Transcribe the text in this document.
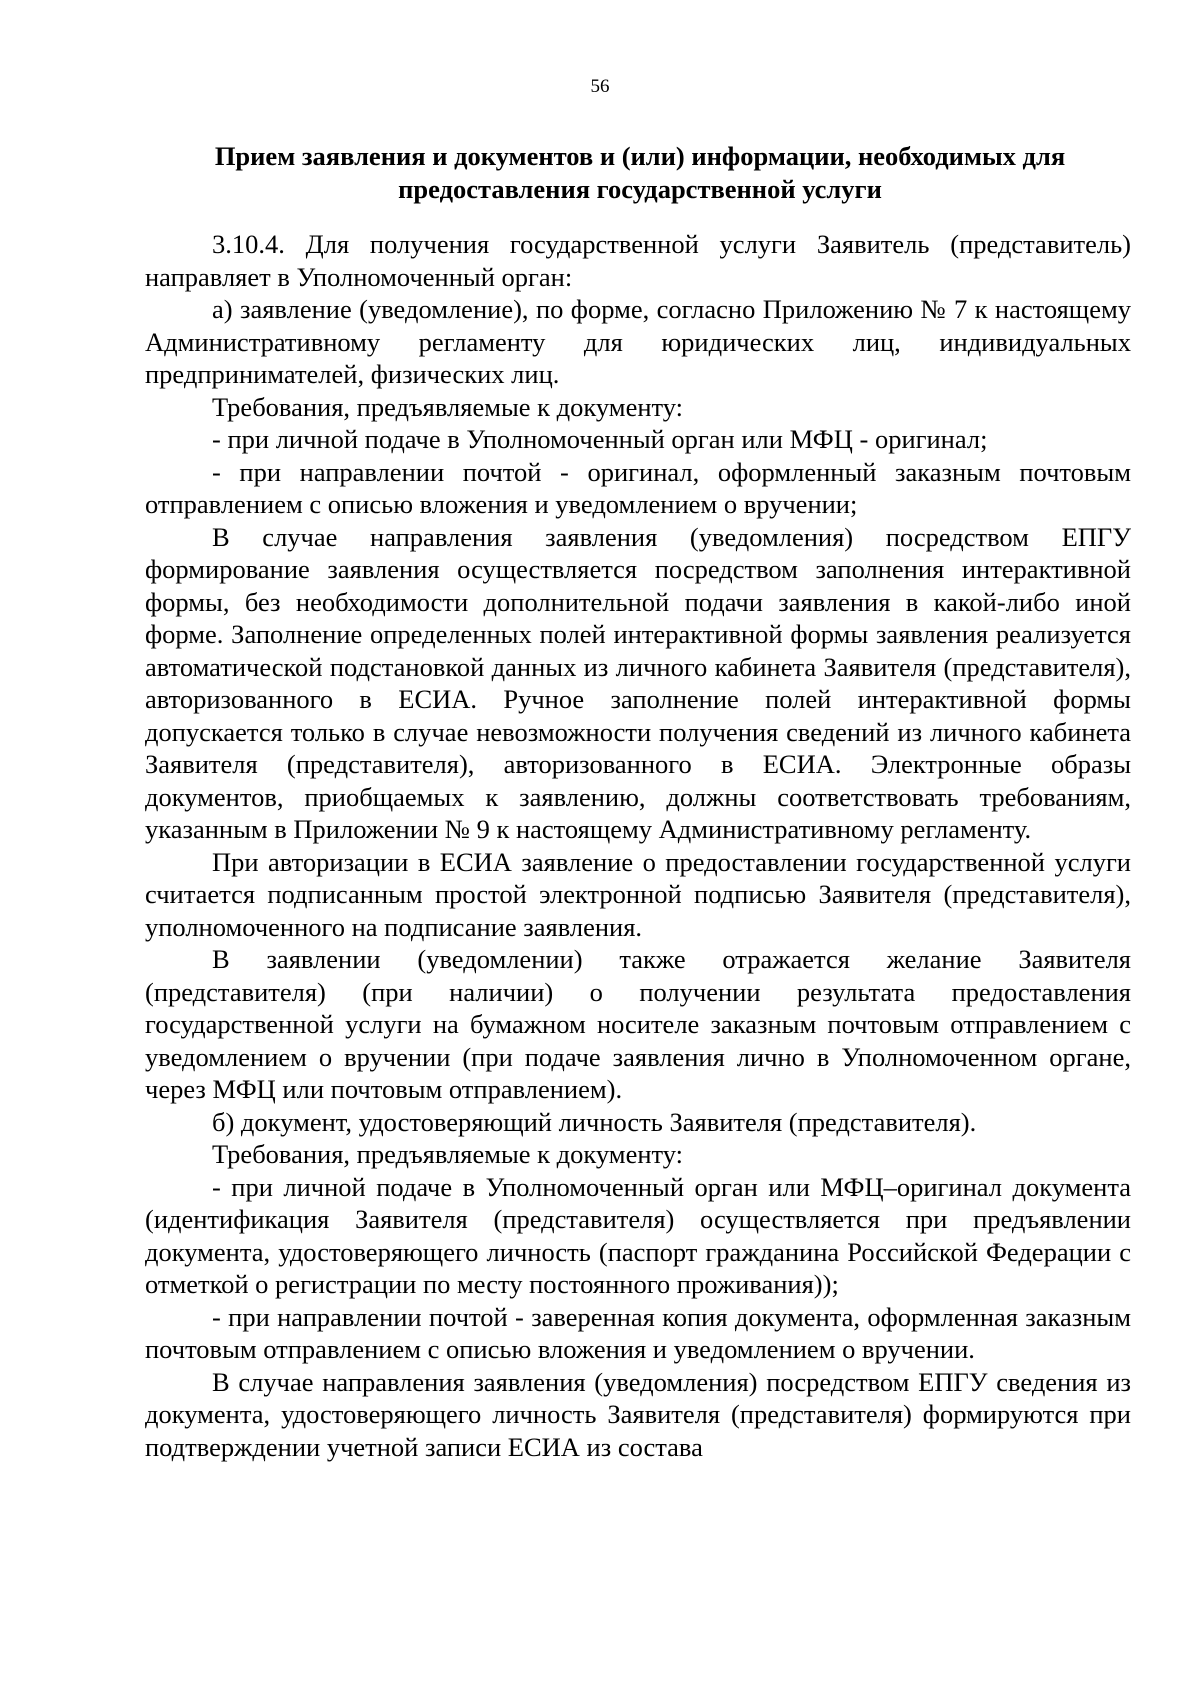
56
Прием заявления и документов и (или) информации, необходимых для предоставления государственной услуги

3.10.4. Для получения государственной услуги Заявитель (представитель) направляет в Уполномоченный орган:

а) заявление (уведомление), по форме, согласно Приложению № 7 к настоящему Административному регламенту для юридических лиц, индивидуальных предпринимателей, физических лиц.

Требования, предъявляемые к документу:

- при личной подаче в Уполномоченный орган или МФЦ - оригинал;

- при направлении почтой - оригинал, оформленный заказным почтовым отправлением с описью вложения и уведомлением о вручении;

В случае направления заявления (уведомления) посредством ЕПГУ формирование заявления осуществляется посредством заполнения интерактивной формы, без необходимости дополнительной подачи заявления в какой-либо иной форме. Заполнение определенных полей интерактивной формы заявления реализуется автоматической подстановкой данных из личного кабинета Заявителя (представителя), авторизованного в ЕСИА. Ручное заполнение полей интерактивной формы допускается только в случае невозможности получения сведений из личного кабинета Заявителя (представителя), авторизованного в ЕСИА. Электронные образы документов, приобщаемых к заявлению, должны соответствовать требованиям, указанным в Приложении № 9 к настоящему Административному регламенту.

При авторизации в ЕСИА заявление о предоставлении государственной услуги считается подписанным простой электронной подписью Заявителя (представителя), уполномоченного на подписание заявления.

В заявлении (уведомлении) также отражается желание Заявителя (представителя) (при наличии) о получении результата предоставления государственной услуги на бумажном носителе заказным почтовым отправлением с уведомлением о вручении (при подаче заявления лично в Уполномоченном органе, через МФЦ или почтовым отправлением).

б) документ, удостоверяющий личность Заявителя (представителя).

Требования, предъявляемые к документу:

- при личной подаче в Уполномоченный орган или МФЦ–оригинал документа (идентификация Заявителя (представителя) осуществляется при предъявлении документа, удостоверяющего личность (паспорт гражданина Российской Федерации с отметкой о регистрации по месту постоянного проживания));

- при направлении почтой - заверенная копия документа, оформленная заказным почтовым отправлением с описью вложения и уведомлением о вручении.

В случае направления заявления (уведомления) посредством ЕПГУ сведения из документа, удостоверяющего личность Заявителя (представителя) формируются при подтверждении учетной записи ЕСИА из состава
